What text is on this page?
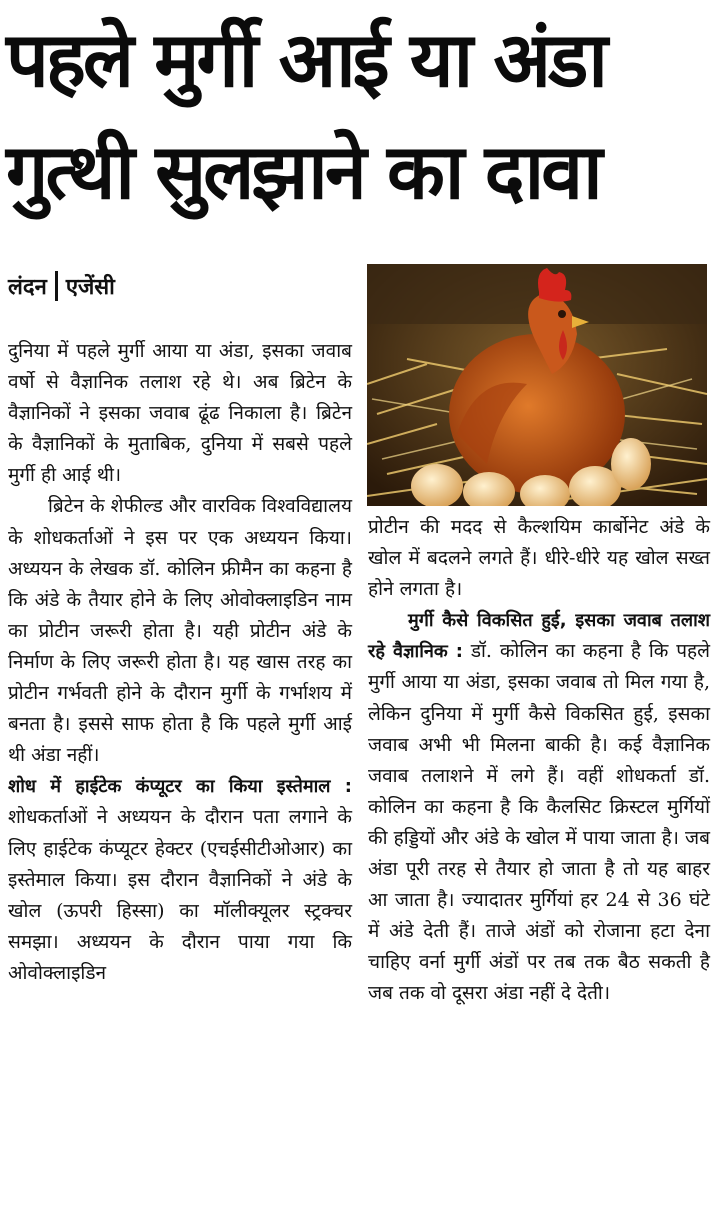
पहले मुर्गी आई या अंडा
गुत्थी सुलझाने का दावा
लंदन एजेंसी

दुनिया में पहले मुर्गी आया या अंडा, इसका जवाब वर्षो से वैज्ञानिक तलाश रहे थे। अब ब्रिटेन के वैज्ञानिकों ने इसका जवाब ढूंढ निकाला है। ब्रिटेन के वैज्ञानिकों के मुताबिक, दुनिया में सबसे पहले मुर्गी ही आई थी।

ब्रिटेन के शेफील्ड और वारविक विश्वविद्यालय के शोधकर्ताओं ने इस पर एक अध्ययन किया। अध्ययन के लेखक डॉ. कोलिन फ्रीमैन का कहना है कि अंडे के तैयार होने के लिए ओवोक्लाइडिन नाम का प्रोटीन जरूरी होता है। यही प्रोटीन अंडे के निर्माण के लिए जरूरी होता है। यह खास तरह का प्रोटीन गर्भवती होने के दौरान मुर्गी के गर्भाशय में बनता है। इससे साफ होता है कि पहले मुर्गी आई थी अंडा नहीं।

शोध में हाईटेक कंप्यूटर का किया इस्तेमाल : शोधकर्ताओं ने अध्ययन के दौरान पता लगाने के लिए हाईटेक कंप्यूटर हेक्टर (एचईसीटीओआर) का इस्तेमाल किया। इस दौरान वैज्ञानिकों ने अंडे के खोल (ऊपरी हिस्सा) का मॉलीक्यूलर स्ट्रक्चर समझा। अध्ययन के दौरान पाया गया कि ओवोक्लाइडिन

प्रोटीन की मदद से कैल्शयिम कार्बोनेट अंडे के खोल में बदलने लगते हैं। धीरे-धीरे यह खोल सख्त होने लगता है।

मुर्गी कैसे विकसित हुई, इसका जवाब तलाश रहे वैज्ञानिक : डॉ. कोलिन का कहना है कि पहले मुर्गी आया या अंडा, इसका जवाब तो मिल गया है, लेकिन दुनिया में मुर्गी कैसे विकसित हुई, इसका जवाब अभी भी मिलना बाकी है। कई वैज्ञानिक जवाब तलाशने में लगे हैं। वहीं शोधकर्ता डॉ. कोलिन का कहना है कि कैलसिट क्रिस्टल मुर्गियों की हड्डियों और अंडे के खोल में पाया जाता है। जब अंडा पूरी तरह से तैयार हो जाता है तो यह बाहर आ जाता है। ज्यादातर मुर्गियां हर 24 से 36 घंटे में अंडे देती हैं। ताजे अंडों को रोजाना हटा देना चाहिए वर्ना मुर्गी अंडों पर तब तक बैठ सकती है जब तक वो दूसरा अंडा नहीं दे देती।
